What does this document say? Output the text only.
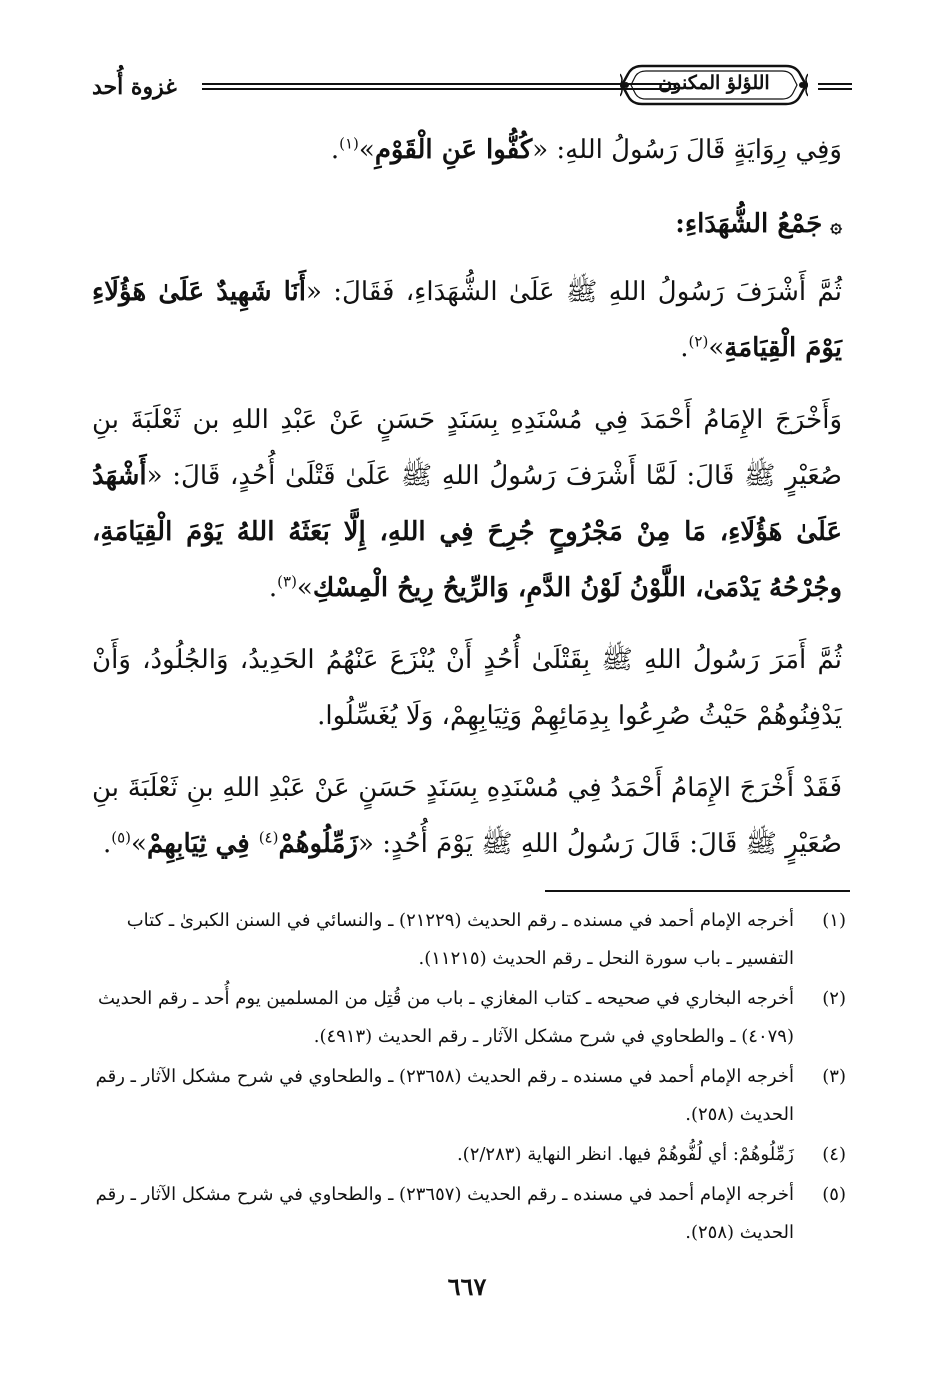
غزوة أُحد	اللؤلؤ المكنون
وَفِي رِوَايَةٍ قَالَ رَسُولُ اللهِ: «كُفُّوا عَنِ الْقَوْمِ»$^{(١)}$.
۞جَمْعُ الشُّهَدَاءِ:
ثُمَّ أَشْرَفَ رَسُولُ اللهِ ﷺ عَلَىٰ الشُّهَدَاءِ، فَقَالَ: «أَنَا شَهِيدٌ عَلَىٰ هَؤُلَاءِ يَوْمَ الْقِيَامَةِ»$^{(٢)}$.
وَأَخْرَجَ الإِمَامُ أَحْمَدَ فِي مُسْنَدِهِ بِسَنَدٍ حَسَنٍ عَنْ عَبْدِ اللهِ بن ثَعْلَبَةَ بنِ صُعَيْرٍ ﷺ قَالَ: لَمَّا أَشْرَفَ رَسُولُ اللهِ ﷺ عَلَىٰ قَتْلَىٰ أُحُدٍ، قَالَ: «أَشْهَدُ عَلَىٰ هَؤُلَاءِ، مَا مِنْ مَجْرُوحٍ جُرِحَ فِي اللهِ، إِلَّا بَعَثَهُ اللهُ يَوْمَ الْقِيَامَةِ، وجُرْحُهُ يَدْمَىٰ، اللَّوْنُ لَوْنُ الدَّمِ، وَالرِّيحُ رِيحُ الْمِسْكِ»$^{(٣)}$.
ثُمَّ أَمَرَ رَسُولُ اللهِ ﷺ بِقَتْلَىٰ أُحُدٍ أَنْ يُنْزَعَ عَنْهُمُ الحَدِيدُ، وَالجُلُودُ، وَأَنْ يَدْفِنُوهُمْ حَيْثُ صُرِعُوا بِدِمَائِهِمْ وَثِيَابِهِمْ، وَلَا يُغَسِّلُوا.
فَقَدْ أَخْرَجَ الإِمَامُ أَحْمَدُ فِي مُسْنَدِهِ بِسَنَدٍ حَسَنٍ عَنْ عَبْدِ اللهِ بنِ ثَعْلَبَةَ بنِ صُعَيْرٍ ﷺ قَالَ: قَالَ رَسُولُ اللهِ ﷺ يَوْمَ أُحُدٍ: «زَمِّلُوهُمْ$^{(٤)}$ فِي ثِيَابِهِمْ»$^{(٥)}$.
(١)
أخرجه الإمام أحمد في مسنده ـ رقم الحديث (٢١٢٢٩) ـ والنسائي في السنن الكبرىٰ ـ كتاب التفسير ـ باب سورة النحل ـ رقم الحديث (١١٢١٥).
(٢)
أخرجه البخاري في صحيحه ـ كتاب المغازي ـ باب من قُتِل من المسلمين يوم أُحد ـ رقم الحديث (٤٠٧٩) ـ والطحاوي في شرح مشكل الآثار ـ رقم الحديث (٤٩١٣).
(٣)
أخرجه الإمام أحمد في مسنده ـ رقم الحديث (٢٣٦٥٨) ـ والطحاوي في شرح مشكل الآثار ـ رقم الحديث (٢٥٨).
(٤)
زَمِّلُوهُمْ: أي لُفُّوهُمْ فيها. انظر النهاية (٢/٢٨٣).
(٥)
أخرجه الإمام أحمد في مسنده ـ رقم الحديث (٢٣٦٥٧) ـ والطحاوي في شرح مشكل الآثار ـ رقم الحديث (٢٥٨).
٦٦٧
